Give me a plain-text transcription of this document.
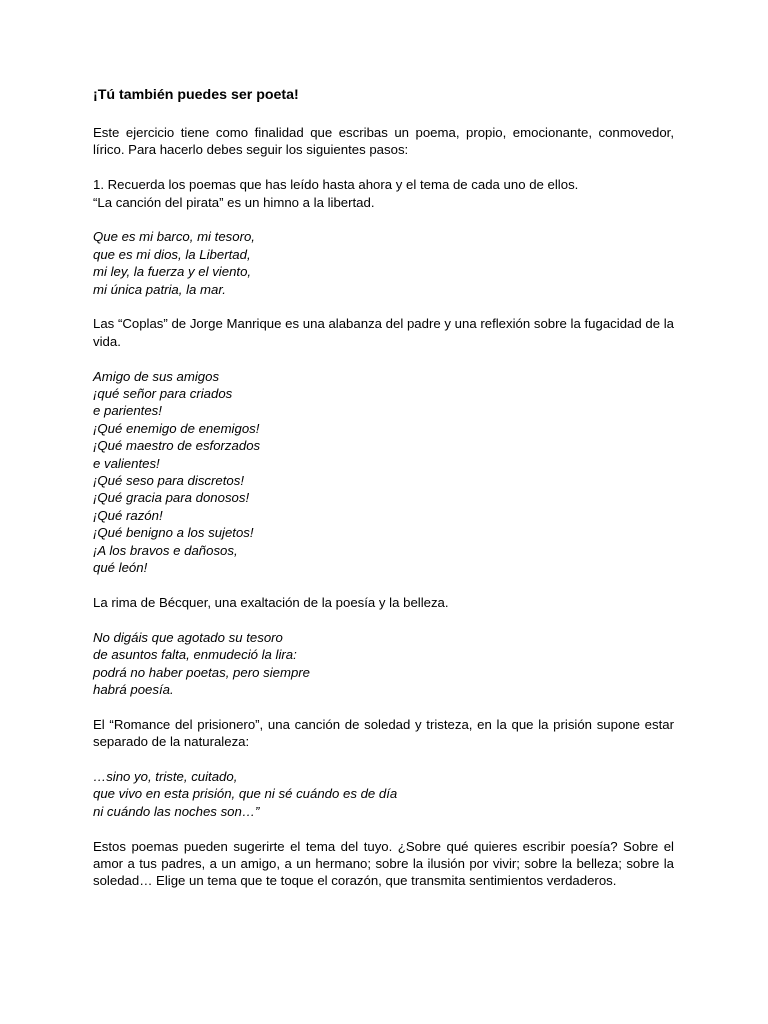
¡Tú también puedes ser poeta!

Este ejercicio tiene como finalidad que escribas un poema, propio, emocionante, conmovedor, lírico. Para hacerlo debes seguir los siguientes pasos:

1. Recuerda los poemas que has leído hasta ahora y el tema de cada uno de ellos.
“La canción del pirata” es un himno a la libertad.

Que es mi barco, mi tesoro,
que es mi dios, la Libertad,
mi ley, la fuerza y el viento,
mi única patria, la mar.

Las “Coplas” de Jorge Manrique es una alabanza del padre y una reflexión sobre la fugacidad de la vida.

Amigo de sus amigos
¡qué señor para criados
e parientes!
¡Qué enemigo de enemigos!
¡Qué maestro de esforzados
e valientes!
¡Qué seso para discretos!
¡Qué gracia para donosos!
¡Qué razón!
¡Qué benigno a los sujetos!
¡A los bravos e dañosos,
qué león!

La rima de Bécquer, una exaltación de la poesía y la belleza.

No digáis que agotado su tesoro
de asuntos falta, enmudeció la lira:
podrá no haber poetas, pero siempre
habrá poesía.

El “Romance del prisionero”, una canción de soledad y tristeza, en la que la prisión supone estar separado de la naturaleza:

…sino yo, triste, cuitado,
que vivo en esta prisión, que ni sé cuándo es de día
ni cuándo las noches son…”

Estos poemas pueden sugerirte el tema del tuyo. ¿Sobre qué quieres escribir poesía? Sobre el amor a tus padres, a un amigo, a un hermano; sobre la ilusión por vivir; sobre la belleza; sobre la soledad… Elige un tema que te toque el corazón, que transmita sentimientos verdaderos.
